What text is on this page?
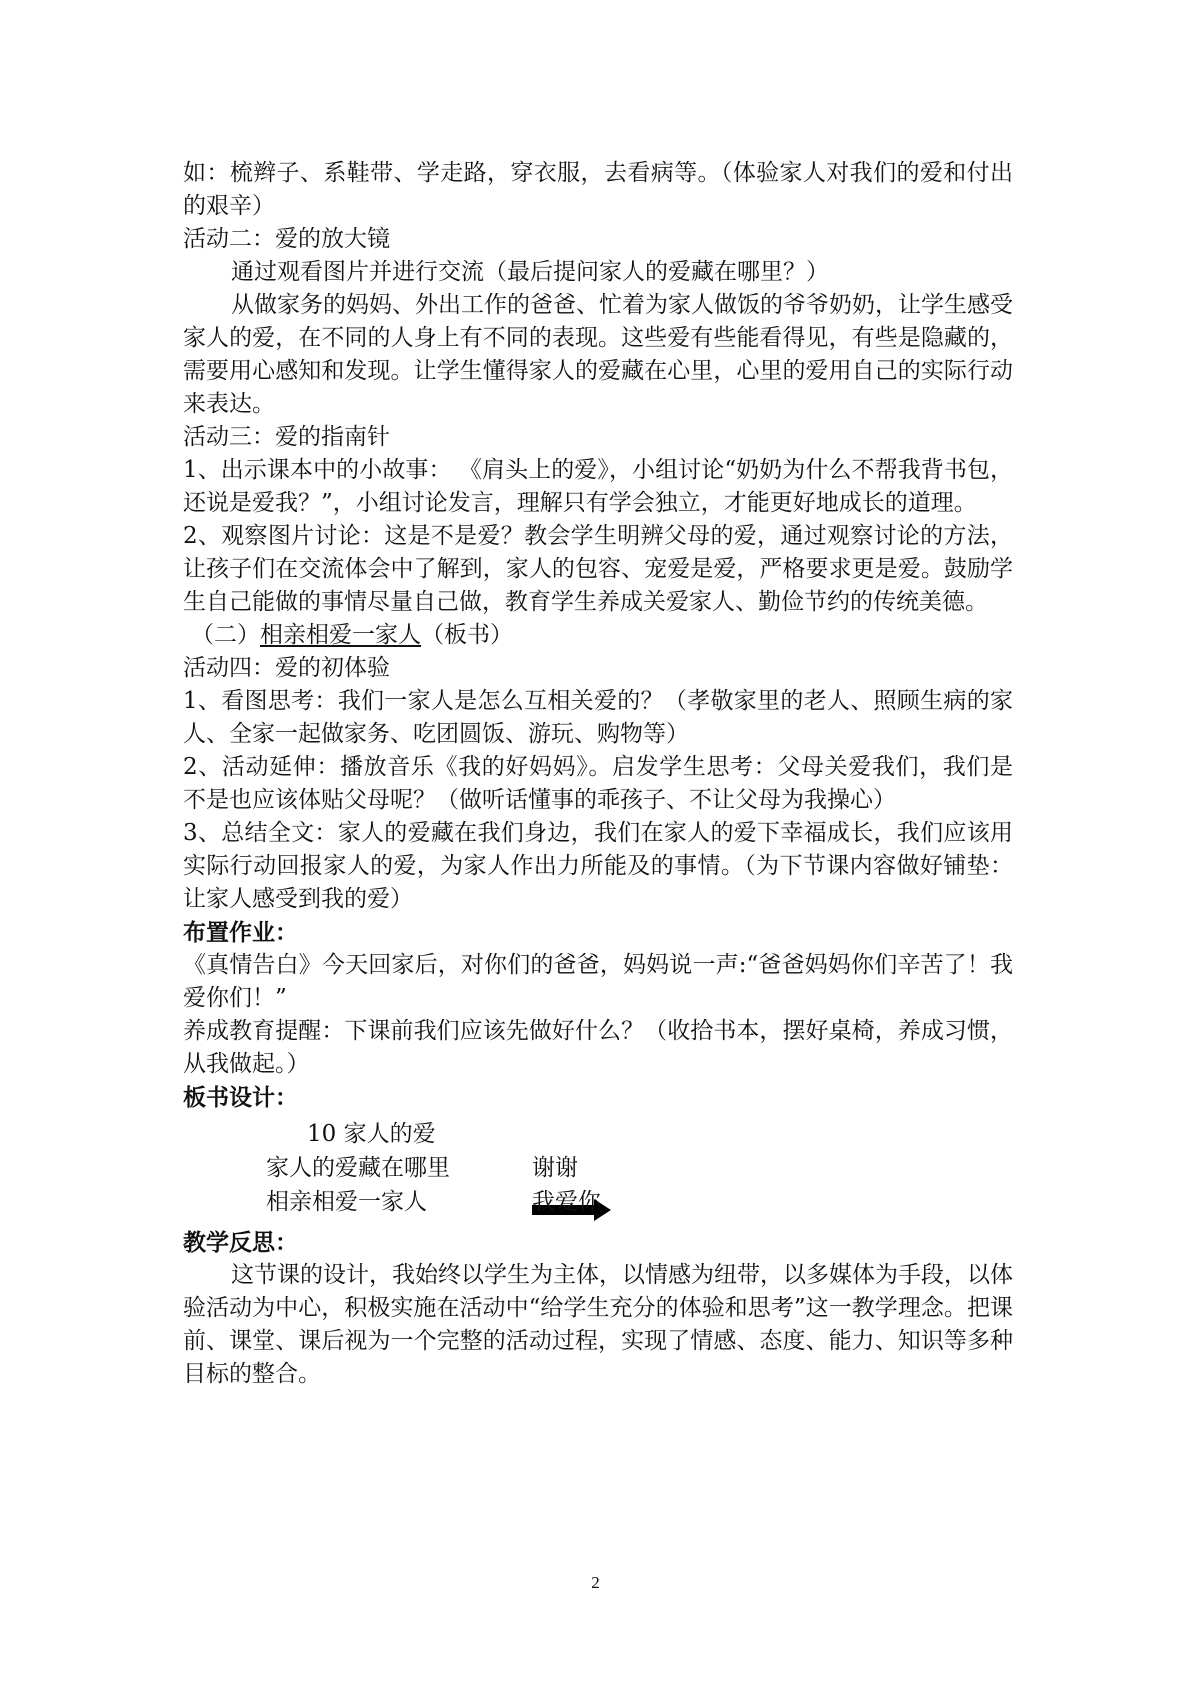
如：梳辫子、系鞋带、学走路，穿衣服，去看病等。（体验家人对我们的爱和付出的艰辛）

活动二：爱的放大镜

通过观看图片并进行交流（最后提问家人的爱藏在哪里？）

从做家务的妈妈、外出工作的爸爸、忙着为家人做饭的爷爷奶奶，让学生感受家人的爱，在不同的人身上有不同的表现。这些爱有些能看得见，有些是隐藏的，需要用心感知和发现。让学生懂得家人的爱藏在心里，心里的爱用自己的实际行动来表达。

活动三：爱的指南针

1、出示课本中的小故事： 《肩头上的爱》，小组讨论“奶奶为什么不帮我背书包，还说是爱我？”，小组讨论发言，理解只有学会独立，才能更好地成长的道理。

2、观察图片讨论：这是不是爱？教会学生明辨父母的爱，通过观察讨论的方法，让孩子们在交流体会中了解到，家人的包容、宠爱是爱，严格要求更是爱。鼓励学生自己能做的事情尽量自己做，教育学生养成关爱家人、勤俭节约的传统美德。

（二）相亲相爱一家人（板书）

活动四：爱的初体验

1、看图思考：我们一家人是怎么互相关爱的？（孝敬家里的老人、照顾生病的家人、全家一起做家务、吃团圆饭、游玩、购物等）

2、活动延伸：播放音乐《我的好妈妈》。启发学生思考：父母关爱我们，我们是不是也应该体贴父母呢？（做听话懂事的乖孩子、不让父母为我操心）

3、总结全文：家人的爱藏在我们身边，我们在家人的爱下幸福成长，我们应该用实际行动回报家人的爱，为家人作出力所能及的事情。（为下节课内容做好铺垫：让家人感受到我的爱）

布置作业：

《真情告白》今天回家后，对你们的爸爸，妈妈说一声:“爸爸妈妈你们辛苦了！我爱你们！”

养成教育提醒：下课前我们应该先做好什么？（收拾书本，摆好桌椅，养成习惯，从我做起。）

板书设计：

10 家人的爱
家人的爱藏在哪里	谢谢
相亲相爱一家人	我爱你

教学反思：

这节课的设计，我始终以学生为主体，以情感为纽带，以多媒体为手段，以体验活动为中心，积极实施在活动中“给学生充分的体验和思考”这一教学理念。把课前、课堂、课后视为一个完整的活动过程，实现了情感、态度、能力、知识等多种目标的整合。

2
